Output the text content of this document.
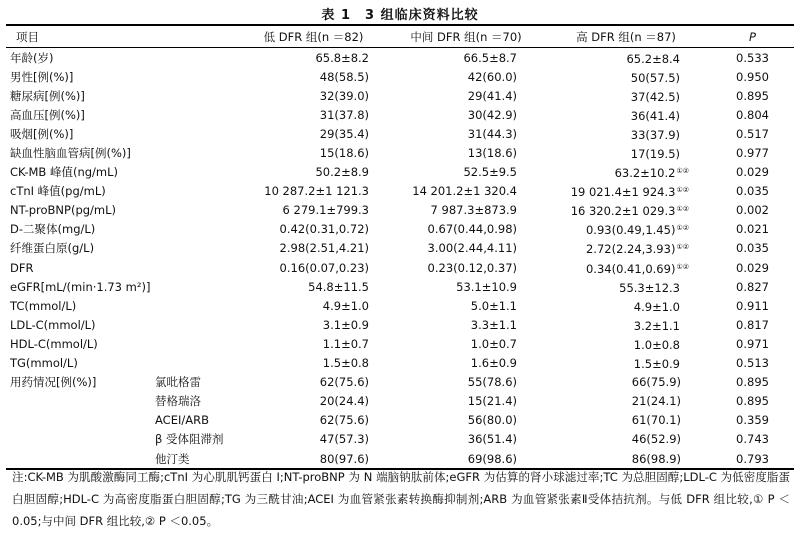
表 1　3 组临床资料比较
项目		低 DFR 组(n ＝82)	中间 DFR 组(n ＝70)	高 DFR 组(n ＝87)	P
年龄(岁)		65.8±8.2	66.5±8.7	65.2±8.4	0.533
男性[例(%)]		48(58.5)	42(60.0)	50(57.5)	0.950
糖尿病[例(%)]		32(39.0)	29(41.4)	37(42.5)	0.895
高血压[例(%)]		31(37.8)	30(42.9)	36(41.4)	0.804
吸烟[例(%)]		29(35.4)	31(44.3)	33(37.9)	0.517
缺血性脑血管病[例(%)]		15(18.6)	13(18.6)	17(19.5)	0.977
CK-MB 峰值(ng/mL)		50.2±8.9	52.5±9.5	63.2±10.2①②	0.029
cTnI 峰值(pg/mL)		10 287.2±1 121.3	14 201.2±1 320.4	19 021.4±1 924.3①②	0.035
NT-proBNP(pg/mL)		6 279.1±799.3	7 987.3±873.9	16 320.2±1 029.3①②	0.002
D-二聚体(mg/L)		0.42(0.31,0.72)	0.67(0.44,0.98)	0.93(0.49,1.45)①②	0.021
纤维蛋白原(g/L)		2.98(2.51,4.21)	3.00(2.44,4.11)	2.72(2.24,3.93)①②	0.035
DFR		0.16(0.07,0.23)	0.23(0.12,0.37)	0.34(0.41,0.69)①②	0.029
eGFR[mL/(min·1.73 m²)]		54.8±11.5	53.1±10.9	55.3±12.3	0.827
TC(mmol/L)		4.9±1.0	5.0±1.1	4.9±1.0	0.911
LDL-C(mmol/L)		3.1±0.9	3.3±1.1	3.2±1.1	0.817
HDL-C(mmol/L)		1.1±0.7	1.0±0.7	1.0±0.8	0.971
TG(mmol/L)		1.5±0.8	1.6±0.9	1.5±0.9	0.513
用药情况[例(%)]	氯吡格雷	62(75.6)	55(78.6)	66(75.9)	0.895
	替格瑞洛	20(24.4)	15(21.4)	21(24.1)	0.895
	ACEI/ARB	62(75.6)	56(80.0)	61(70.1)	0.359
	β 受体阻滞剂	47(57.3)	36(51.4)	46(52.9)	0.743
	他汀类	80(97.6)	69(98.6)	86(98.9)	0.793
注:CK-MB 为肌酸激酶同工酶;cTnI 为心肌肌钙蛋白 I;NT-proBNP 为 N 端脑钠肽前体;eGFR 为估算的肾小球滤过率;TC 为总胆固醇;LDL-C 为低密度脂蛋白胆固醇;HDL-C 为高密度脂蛋白胆固醇;TG 为三酰甘油;ACEI 为血管紧张素转换酶抑制剂;ARB 为血管紧张素Ⅱ受体拮抗剂。与低 DFR 组比较,① P ＜0.05;与中间 DFR 组比较,② P ＜0.05。
